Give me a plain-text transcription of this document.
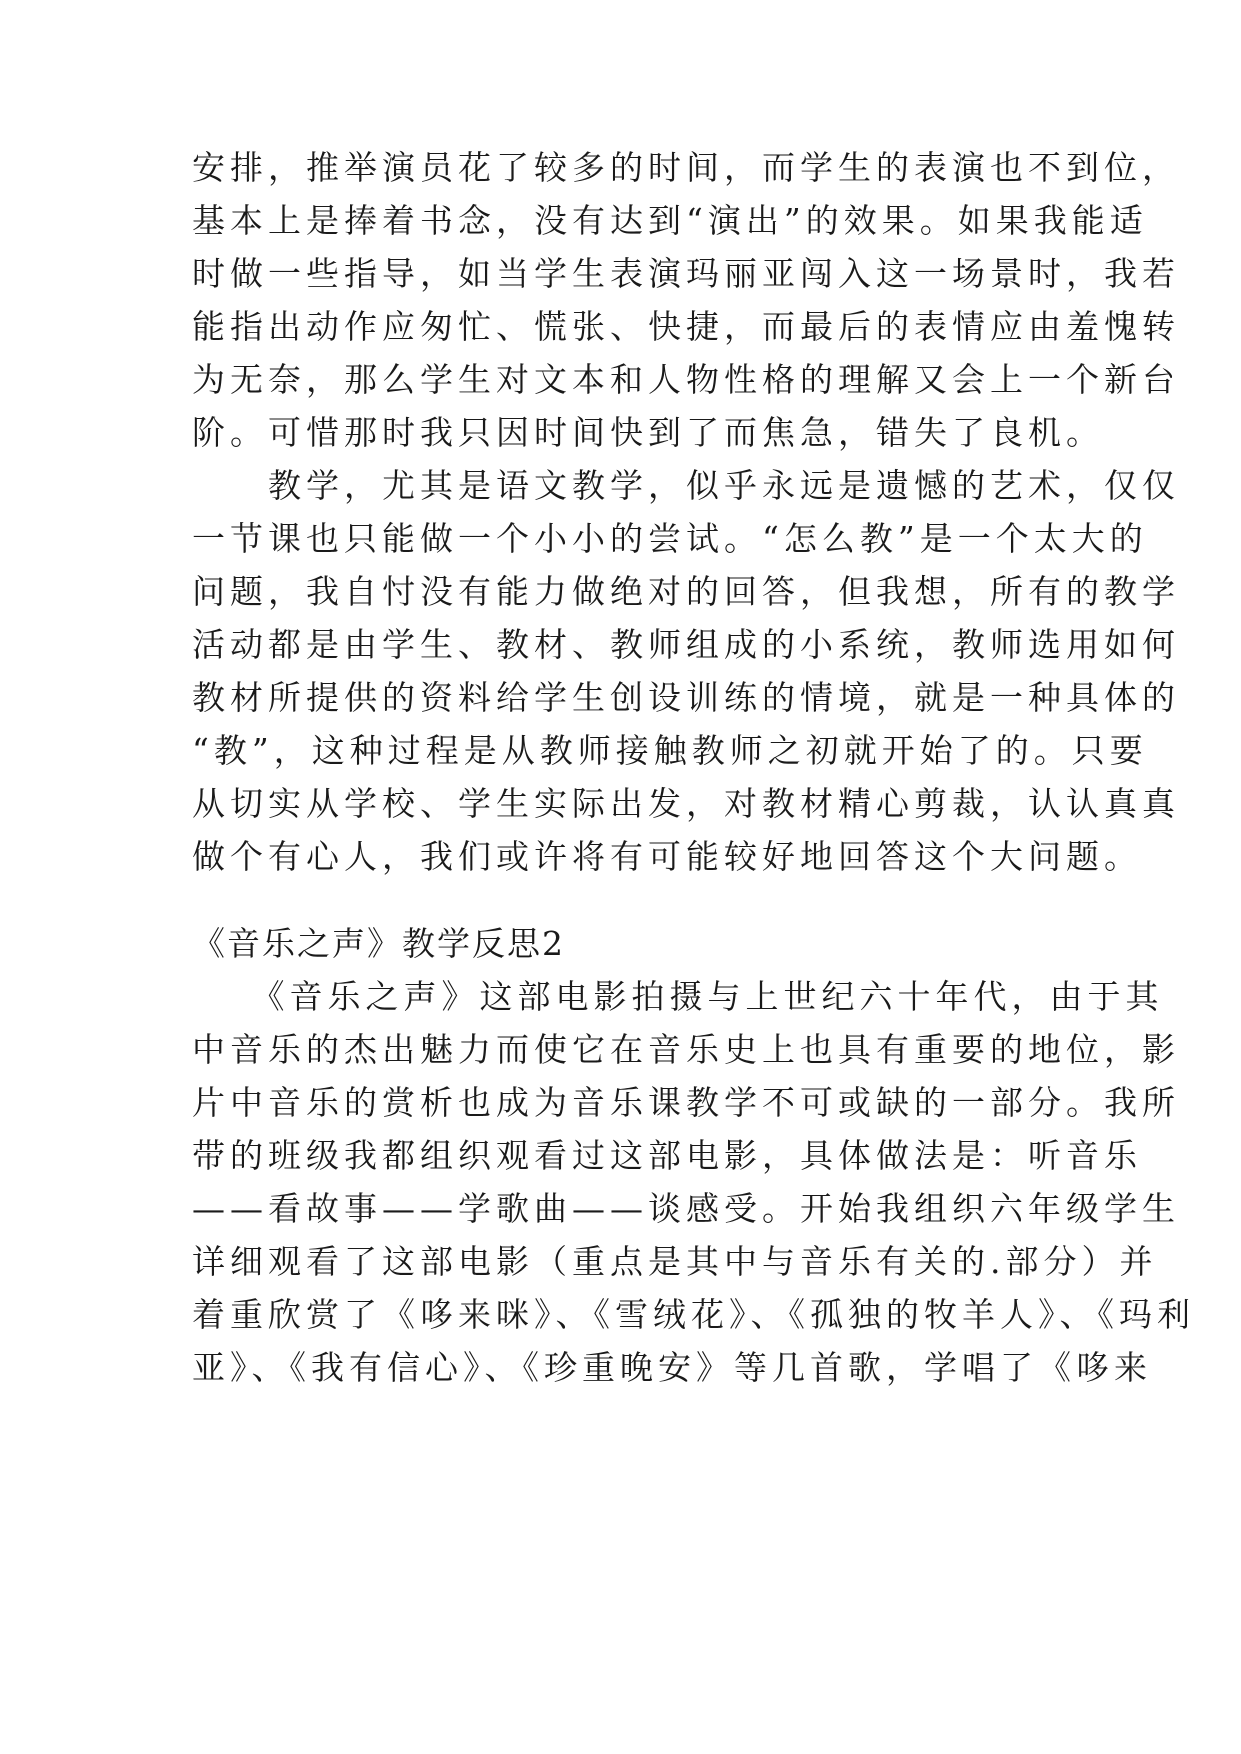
安排，推举演员花了较多的时间，而学生的表演也不到位，
基本上是捧着书念，没有达到“演出”的效果。如果我能适
时做一些指导，如当学生表演玛丽亚闯入这一场景时，我若
能指出动作应匆忙、慌张、快捷，而最后的表情应由羞愧转
为无奈，那么学生对文本和人物性格的理解又会上一个新台
阶。可惜那时我只因时间快到了而焦急，错失了良机。
　　教学，尤其是语文教学，似乎永远是遗憾的艺术，仅仅
一节课也只能做一个小小的尝试。“怎么教”是一个太大的
问题，我自忖没有能力做绝对的回答，但我想，所有的教学
活动都是由学生、教材、教师组成的小系统，教师选用如何
教材所提供的资料给学生创设训练的情境，就是一种具体的
“教”，这种过程是从教师接触教师之初就开始了的。只要
从切实从学校、学生实际出发，对教材精心剪裁，认认真真
做个有心人，我们或许将有可能较好地回答这个大问题。
《音乐之声》教学反思2
　　《音乐之声》这部电影拍摄与上世纪六十年代，由于其
中音乐的杰出魅力而使它在音乐史上也具有重要的地位，影
片中音乐的赏析也成为音乐课教学不可或缺的一部分。我所
带的班级我都组织观看过这部电影，具体做法是：听音乐
——看故事——学歌曲——谈感受。开始我组织六年级学生
详细观看了这部电影（重点是其中与音乐有关的.部分）并
着重欣赏了《哆来咪》、《雪绒花》、《孤独的牧羊人》、《玛利
亚》、《我有信心》、《珍重晚安》等几首歌，学唱了《哆来
